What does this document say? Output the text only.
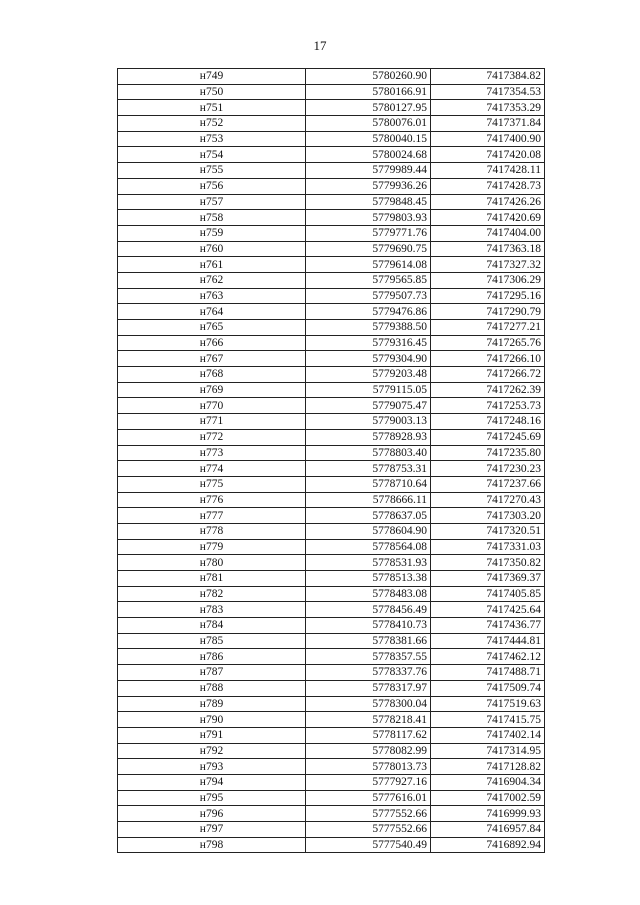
17
н749	5780260.90	7417384.82
н750	5780166.91	7417354.53
н751	5780127.95	7417353.29
н752	5780076.01	7417371.84
н753	5780040.15	7417400.90
н754	5780024.68	7417420.08
н755	5779989.44	7417428.11
н756	5779936.26	7417428.73
н757	5779848.45	7417426.26
н758	5779803.93	7417420.69
н759	5779771.76	7417404.00
н760	5779690.75	7417363.18
н761	5779614.08	7417327.32
н762	5779565.85	7417306.29
н763	5779507.73	7417295.16
н764	5779476.86	7417290.79
н765	5779388.50	7417277.21
н766	5779316.45	7417265.76
н767	5779304.90	7417266.10
н768	5779203.48	7417266.72
н769	5779115.05	7417262.39
н770	5779075.47	7417253.73
н771	5779003.13	7417248.16
н772	5778928.93	7417245.69
н773	5778803.40	7417235.80
н774	5778753.31	7417230.23
н775	5778710.64	7417237.66
н776	5778666.11	7417270.43
н777	5778637.05	7417303.20
н778	5778604.90	7417320.51
н779	5778564.08	7417331.03
н780	5778531.93	7417350.82
н781	5778513.38	7417369.37
н782	5778483.08	7417405.85
н783	5778456.49	7417425.64
н784	5778410.73	7417436.77
н785	5778381.66	7417444.81
н786	5778357.55	7417462.12
н787	5778337.76	7417488.71
н788	5778317.97	7417509.74
н789	5778300.04	7417519.63
н790	5778218.41	7417415.75
н791	5778117.62	7417402.14
н792	5778082.99	7417314.95
н793	5778013.73	7417128.82
н794	5777927.16	7416904.34
н795	5777616.01	7417002.59
н796	5777552.66	7416999.93
н797	5777552.66	7416957.84
н798	5777540.49	7416892.94
